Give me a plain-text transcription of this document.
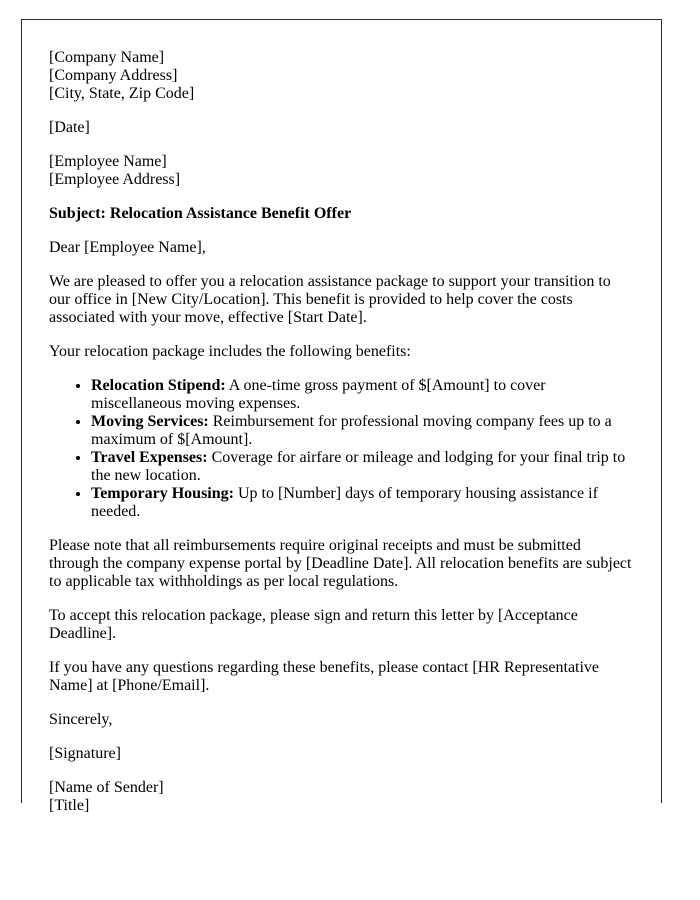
[Company Name]
[Company Address]
[City, State, Zip Code]

[Date]

[Employee Name]
[Employee Address]

Subject: Relocation Assistance Benefit Offer

Dear [Employee Name],

We are pleased to offer you a relocation assistance package to support your transition to our office in [New City/Location]. This benefit is provided to help cover the costs associated with your move, effective [Start Date].

Your relocation package includes the following benefits:

• Relocation Stipend: A one-time gross payment of $[Amount] to cover miscellaneous moving expenses.
• Moving Services: Reimbursement for professional moving company fees up to a maximum of $[Amount].
• Travel Expenses: Coverage for airfare or mileage and lodging for your final trip to the new location.
• Temporary Housing: Up to [Number] days of temporary housing assistance if needed.

Please note that all reimbursements require original receipts and must be submitted through the company expense portal by [Deadline Date]. All relocation benefits are subject to applicable tax withholdings as per local regulations.

To accept this relocation package, please sign and return this letter by [Acceptance Deadline].

If you have any questions regarding these benefits, please contact [HR Representative Name] at [Phone/Email].

Sincerely,

[Signature]

[Name of Sender]
[Title]
